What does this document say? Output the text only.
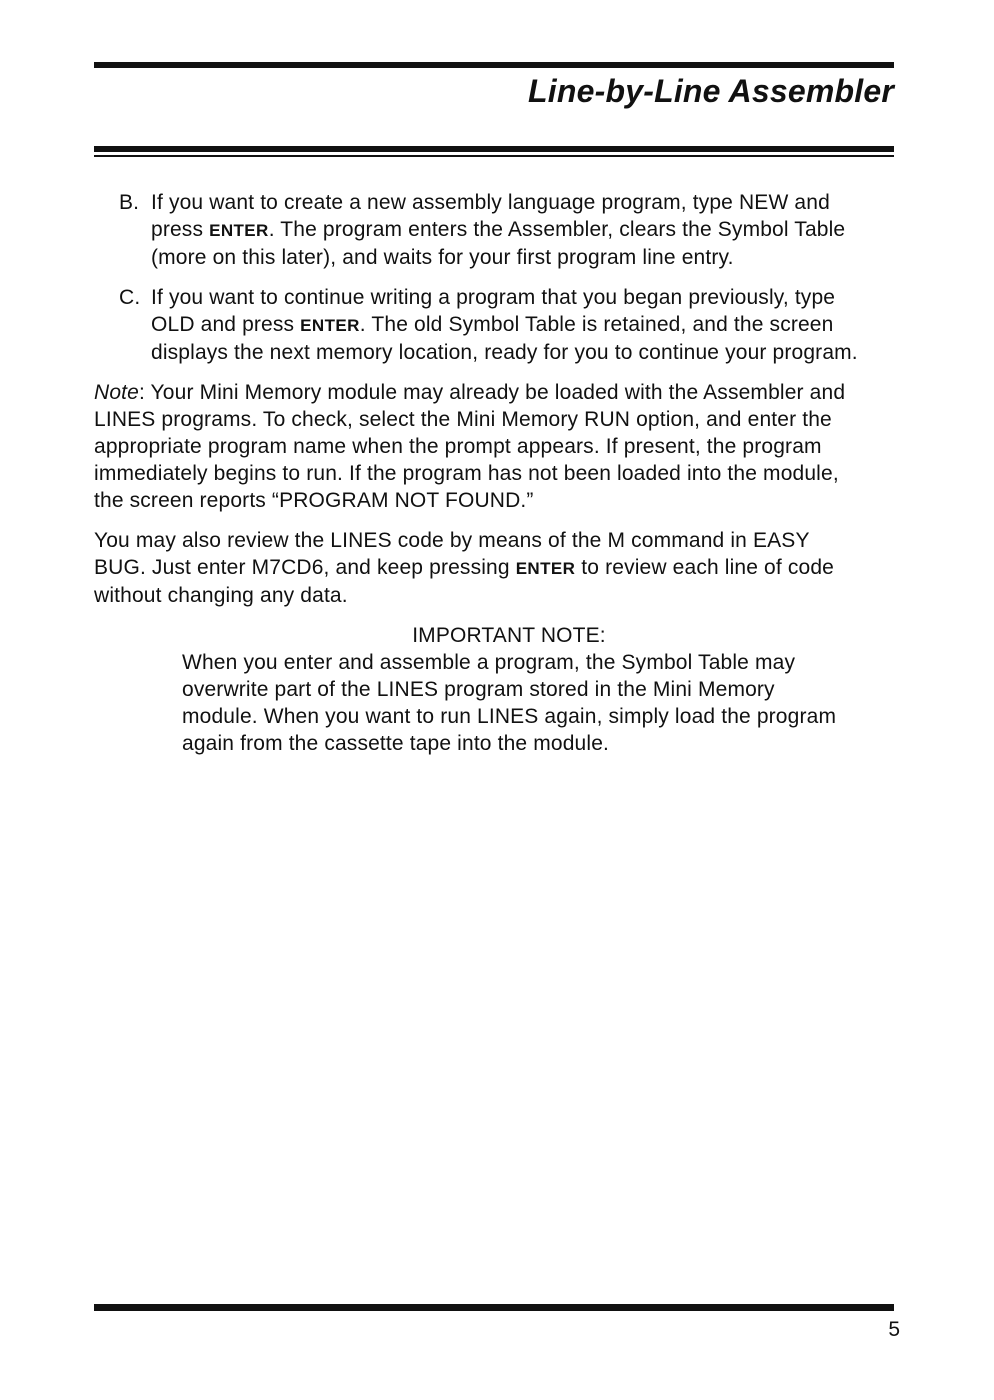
Line-by-Line Assembler
B. If you want to create a new assembly language program, type NEW and press ENTER. The program enters the Assembler, clears the Symbol Table (more on this later), and waits for your first program line entry.
C. If you want to continue writing a program that you began previously, type OLD and press ENTER. The old Symbol Table is retained, and the screen displays the next memory location, ready for you to continue your program.

Note: Your Mini Memory module may already be loaded with the Assembler and LINES programs. To check, select the Mini Memory RUN option, and enter the appropriate program name when the prompt appears. If present, the program immediately begins to run. If the program has not been loaded into the module, the screen reports “PROGRAM NOT FOUND.”

You may also review the LINES code by means of the M command in EASY BUG. Just enter M7CD6, and keep pressing ENTER to review each line of code without changing any data.

IMPORTANT NOTE:

When you enter and assemble a program, the Symbol Table may overwrite part of the LINES program stored in the Mini Memory module. When you want to run LINES again, simply load the program again from the cassette tape into the module.

5
